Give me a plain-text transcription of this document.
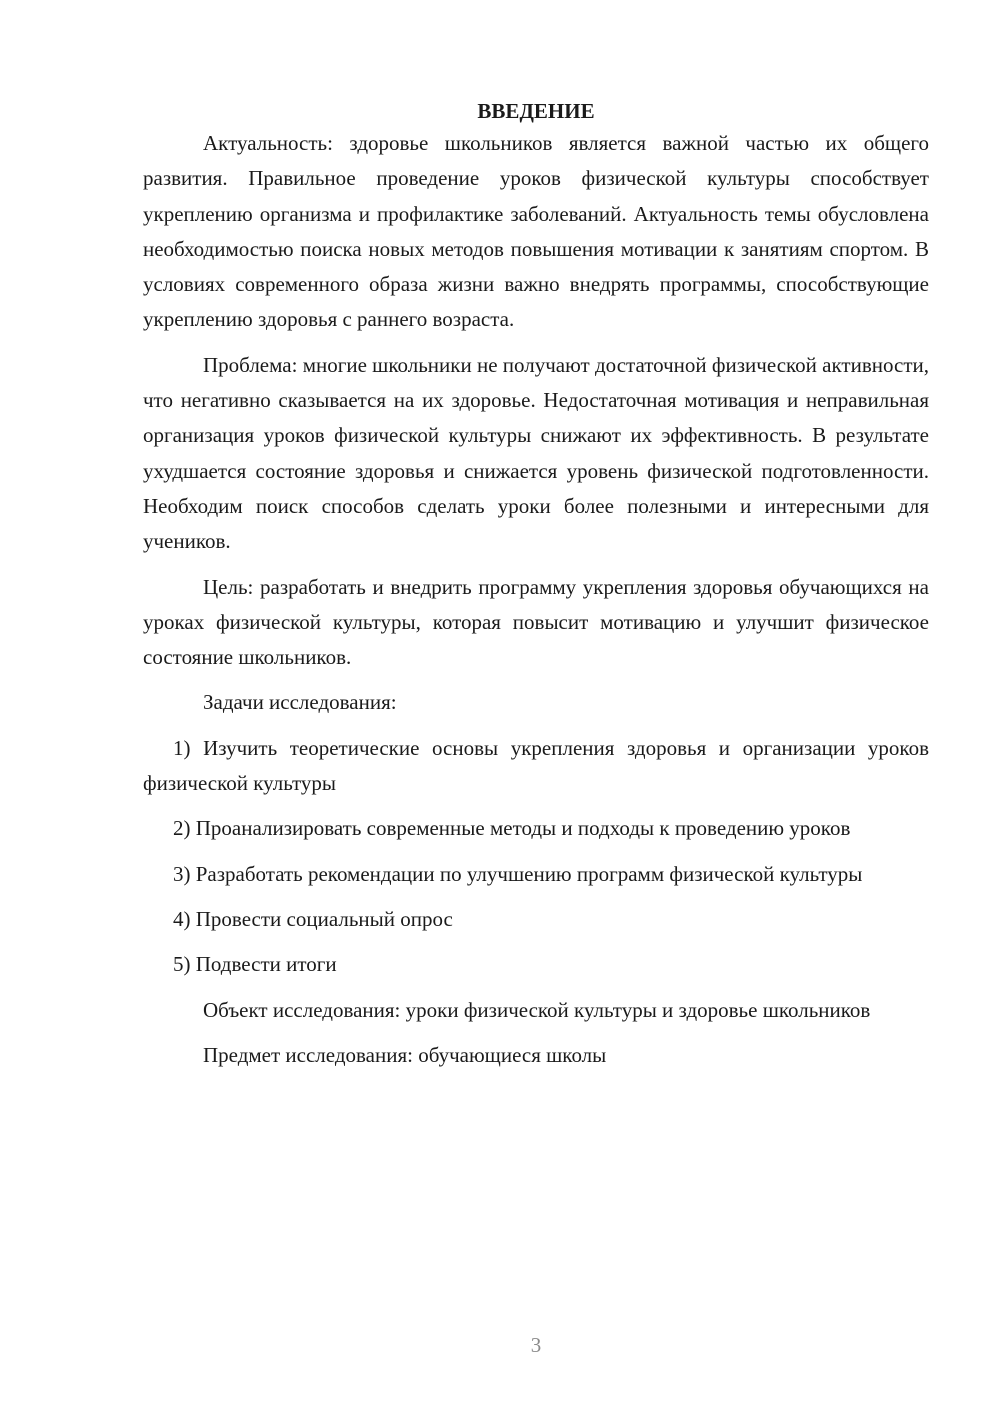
ВВЕДЕНИЕ

Актуальность: здоровье школьников является важной частью их общего развития. Правильное проведение уроков физической культуры способствует укреплению организма и профилактике заболеваний. Актуальность темы обусловлена необходимостью поиска новых методов повышения мотивации к занятиям спортом. В условиях современного образа жизни важно внедрять программы, способствующие укреплению здоровья с раннего возраста.

Проблема: многие школьники не получают достаточной физической активности, что негативно сказывается на их здоровье. Недостаточная мотивация и неправильная организация уроков физической культуры снижают их эффективность. В результате ухудшается состояние здоровья и снижается уровень физической подготовленности. Необходим поиск способов сделать уроки более полезными и интересными для учеников.

Цель: разработать и внедрить программу укрепления здоровья обучающихся на уроках физической культуры, которая повысит мотивацию и улучшит физическое состояние школьников.

Задачи исследования:

1) Изучить теоретические основы укрепления здоровья и организации уроков физической культуры

2) Проанализировать современные методы и подходы к проведению уроков

3) Разработать рекомендации по улучшению программ физической культуры

4) Провести социальный опрос

5) Подвести итоги

Объект исследования: уроки физической культуры и здоровье школьников

Предмет исследования: обучающиеся школы

3
